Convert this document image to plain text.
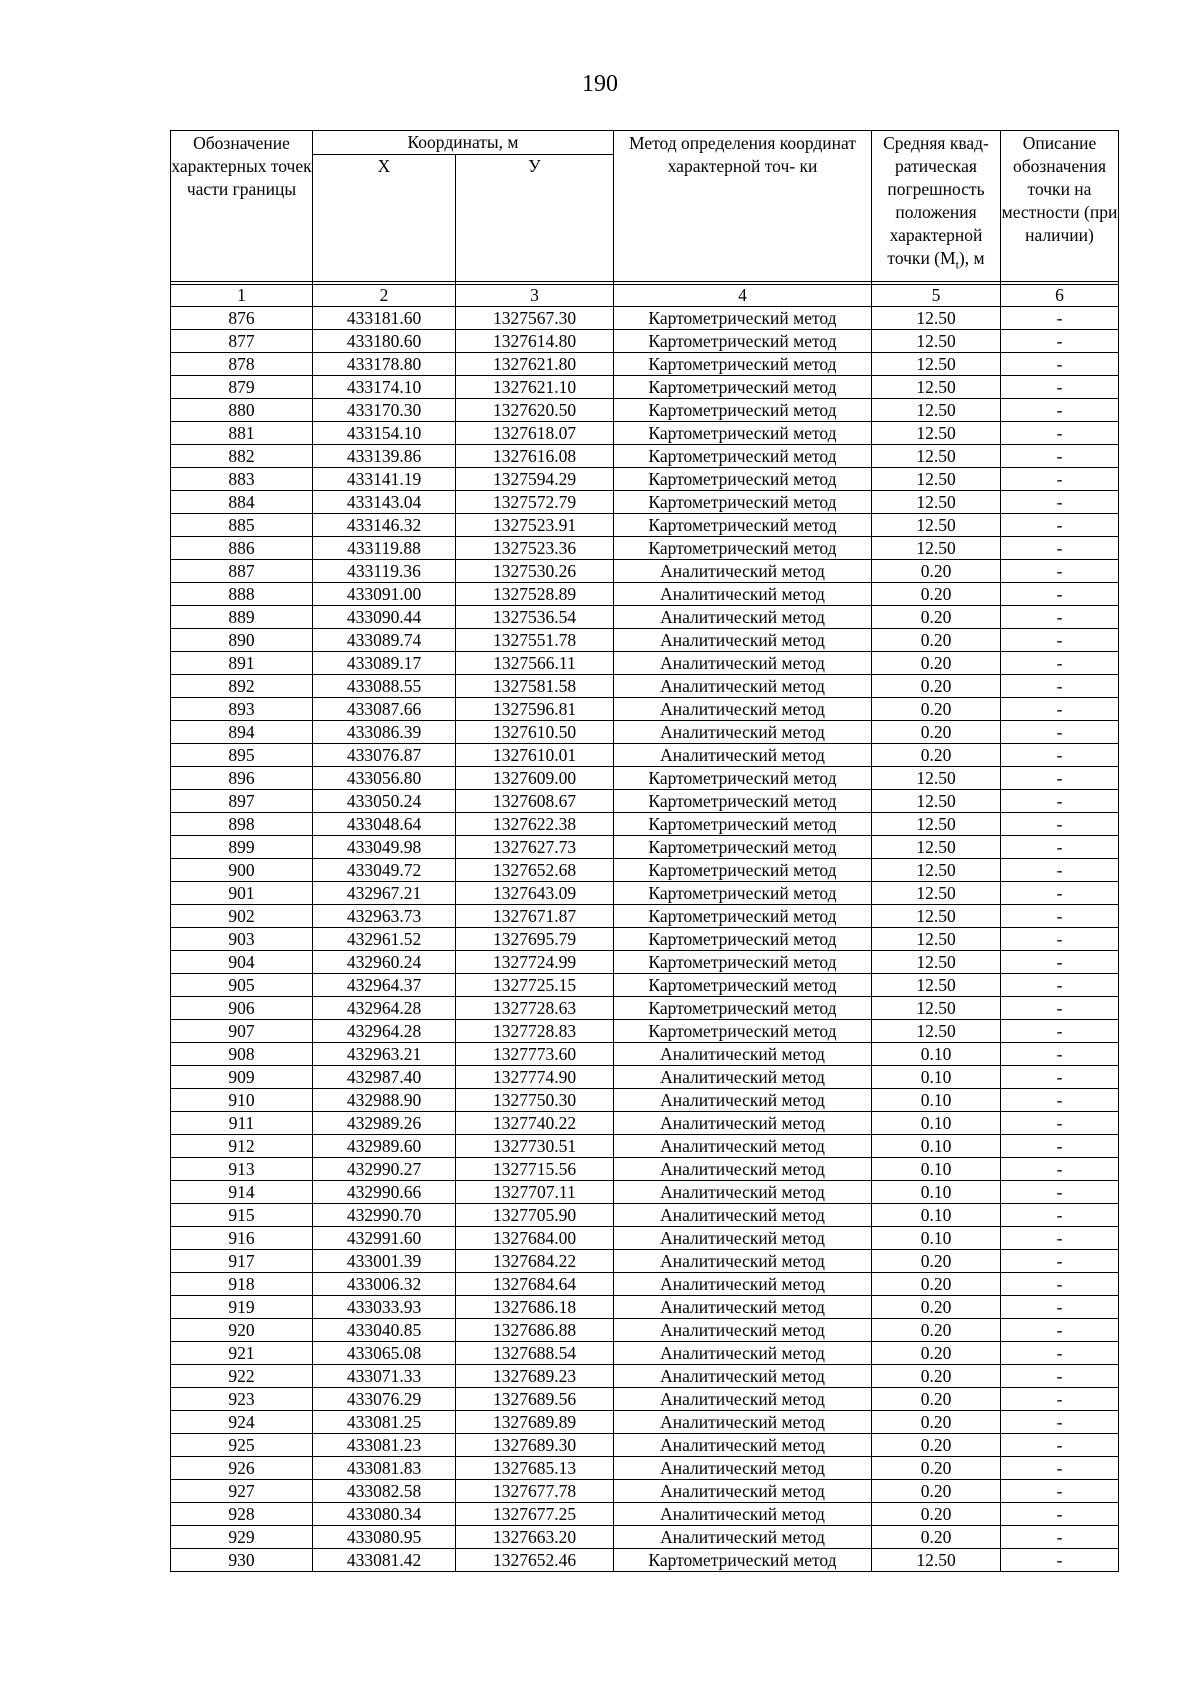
190
Обозначение характерных точек части границы	Координаты, м		Метод определения координат характерной точ- ки	Средняя квад- ратическая погрешность положения характерной точки $(M_t)$, м	Описание обозначения точки на местности (при наличии)
	X	У			

1	2	3	4	5	6
876	433181.60	1327567.30	Картометрический метод	12.50	-
877	433180.60	1327614.80	Картометрический метод	12.50	-
878	433178.80	1327621.80	Картометрический метод	12.50	-
879	433174.10	1327621.10	Картометрический метод	12.50	-
880	433170.30	1327620.50	Картометрический метод	12.50	-
881	433154.10	1327618.07	Картометрический метод	12.50	-
882	433139.86	1327616.08	Картометрический метод	12.50	-
883	433141.19	1327594.29	Картометрический метод	12.50	-
884	433143.04	1327572.79	Картометрический метод	12.50	-
885	433146.32	1327523.91	Картометрический метод	12.50	-
886	433119.88	1327523.36	Картометрический метод	12.50	-
887	433119.36	1327530.26	Аналитический метод	0.20	-
888	433091.00	1327528.89	Аналитический метод	0.20	-
889	433090.44	1327536.54	Аналитический метод	0.20	-
890	433089.74	1327551.78	Аналитический метод	0.20	-
891	433089.17	1327566.11	Аналитический метод	0.20	-
892	433088.55	1327581.58	Аналитический метод	0.20	-
893	433087.66	1327596.81	Аналитический метод	0.20	-
894	433086.39	1327610.50	Аналитический метод	0.20	-
895	433076.87	1327610.01	Аналитический метод	0.20	-
896	433056.80	1327609.00	Картометрический метод	12.50	-
897	433050.24	1327608.67	Картометрический метод	12.50	-
898	433048.64	1327622.38	Картометрический метод	12.50	-
899	433049.98	1327627.73	Картометрический метод	12.50	-
900	433049.72	1327652.68	Картометрический метод	12.50	-
901	432967.21	1327643.09	Картометрический метод	12.50	-
902	432963.73	1327671.87	Картометрический метод	12.50	-
903	432961.52	1327695.79	Картометрический метод	12.50	-
904	432960.24	1327724.99	Картометрический метод	12.50	-
905	432964.37	1327725.15	Картометрический метод	12.50	-
906	432964.28	1327728.63	Картометрический метод	12.50	-
907	432964.28	1327728.83	Картометрический метод	12.50	-
908	432963.21	1327773.60	Аналитический метод	0.10	-
909	432987.40	1327774.90	Аналитический метод	0.10	-
910	432988.90	1327750.30	Аналитический метод	0.10	-
911	432989.26	1327740.22	Аналитический метод	0.10	-
912	432989.60	1327730.51	Аналитический метод	0.10	-
913	432990.27	1327715.56	Аналитический метод	0.10	-
914	432990.66	1327707.11	Аналитический метод	0.10	-
915	432990.70	1327705.90	Аналитический метод	0.10	-
916	432991.60	1327684.00	Аналитический метод	0.10	-
917	433001.39	1327684.22	Аналитический метод	0.20	-
918	433006.32	1327684.64	Аналитический метод	0.20	-
919	433033.93	1327686.18	Аналитический метод	0.20	-
920	433040.85	1327686.88	Аналитический метод	0.20	-
921	433065.08	1327688.54	Аналитический метод	0.20	-
922	433071.33	1327689.23	Аналитический метод	0.20	-
923	433076.29	1327689.56	Аналитический метод	0.20	-
924	433081.25	1327689.89	Аналитический метод	0.20	-
925	433081.23	1327689.30	Аналитический метод	0.20	-
926	433081.83	1327685.13	Аналитический метод	0.20	-
927	433082.58	1327677.78	Аналитический метод	0.20	-
928	433080.34	1327677.25	Аналитический метод	0.20	-
929	433080.95	1327663.20	Аналитический метод	0.20	-
930	433081.42	1327652.46	Картометрический метод	12.50	-
